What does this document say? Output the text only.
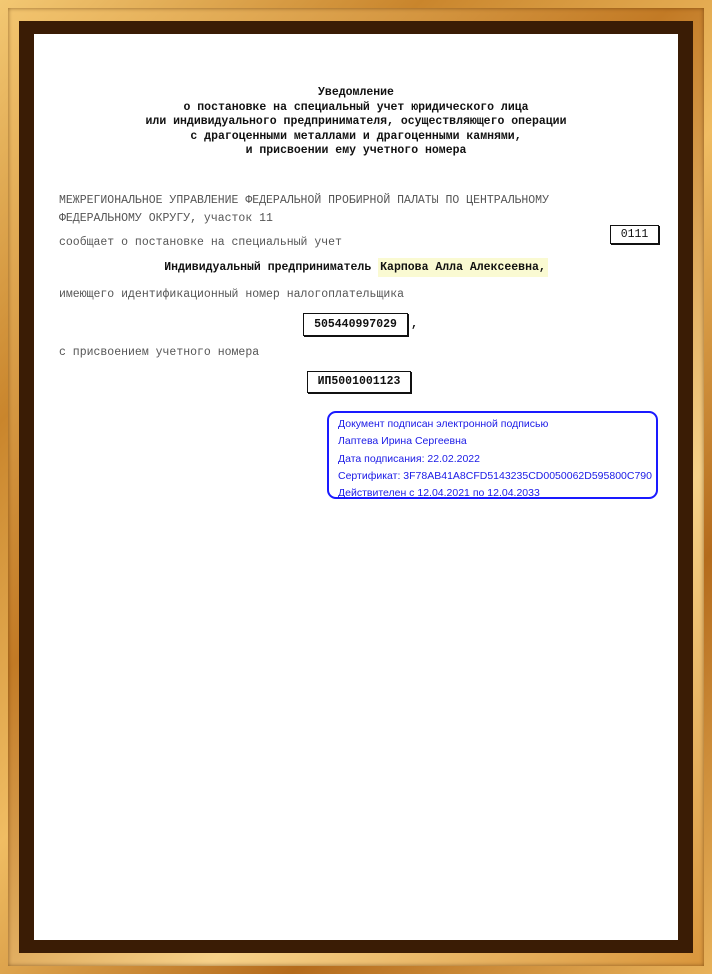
Уведомление
о постановке на специальный учет юридического лица
или индивидуального предпринимателя, осуществляющего операции
с драгоценными металлами и драгоценными камнями,
и присвоении ему учетного номера
МЕЖРЕГИОНАЛЬНОЕ УПРАВЛЕНИЕ ФЕДЕРАЛЬНОЙ ПРОБИРНОЙ ПАЛАТЫ ПО ЦЕНТРАЛЬНОМУ
ФЕДЕРАЛЬНОМУ ОКРУГУ, участок 11
сообщает о постановке на специальный учет
0111
Индивидуальный предприниматель Карпова Алла Алексеевна,
имеющего идентификационный номер налогоплательщика
505440997029	,
с присвоением учетного номера
ИП5001001123
Документ подписан электронной подписью
Лаптева Ирина Сергеевна
Дата подписания: 22.02.2022
Сертификат: 3F78AB41A8CFD5143235CD0050062D595800C790
Действителен с 12.04.2021 по 12.04.2033
